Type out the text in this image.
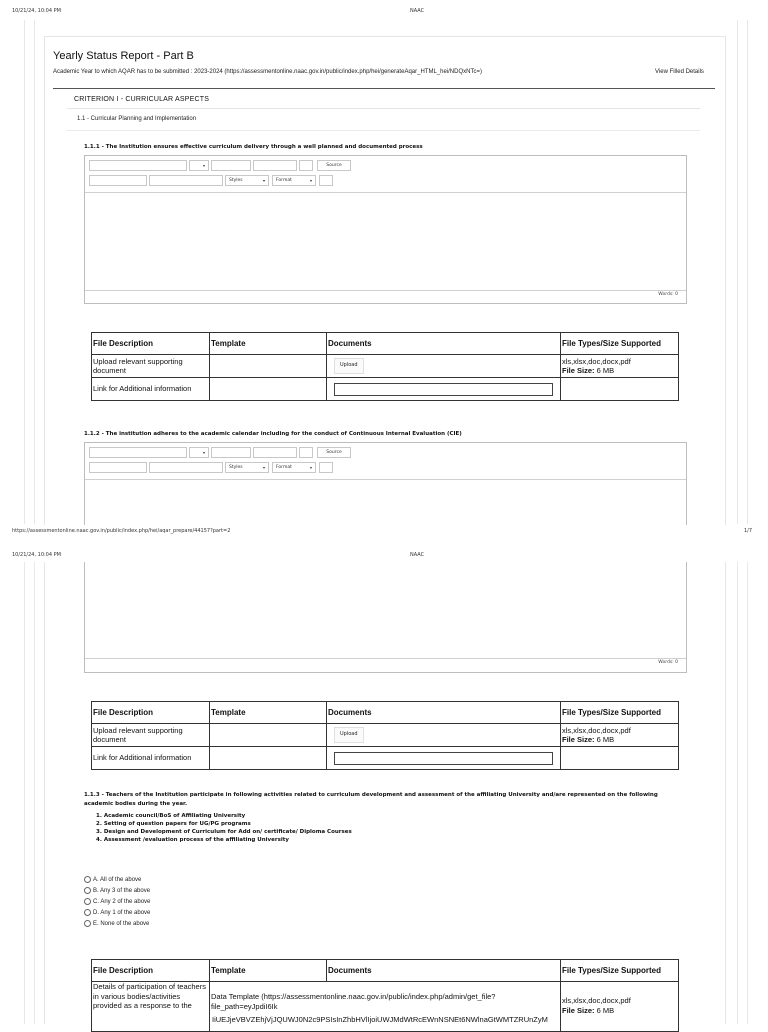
10/21/24, 10:04 PM	NAAC
Yearly Status Report - Part B
Academic Year to which AQAR has to be submitted : 2023-2024 (https://assessmentonline.naac.gov.in/public/index.php/hei/generateAqar_HTML_hei/NDQxNTc=)	View Filled Details
CRITERION I - CURRICULAR ASPECTS
1.1 - Curricular Planning and Implementation
1.1.1 - The Institution ensures effective curriculum delivery through a well planned and documented process
▾	Source
Styles	▾	Format	▾
Words: 0
File Description	Template	Documents	File Types/Size Supported
Upload relevant supporting document		Upload	xls,xlsx,doc,docx,pdf
File Size: 6 MB
Link for Additional information		

1.1.2 - The institution adheres to the academic calendar including for the conduct of Continuous Internal Evaluation (CIE)
▾	Source
Styles	▾	Format	▾
https://assessmentonline.naac.gov.in/public/index.php/hei/aqar_prepare/44157?part=2	1/7
10/21/24, 10:04 PM	NAAC
Words: 0
File Description	Template	Documents	File Types/Size Supported
Upload relevant supporting document		Upload	xls,xlsx,doc,docx,pdf
File Size: 6 MB
Link for Additional information		

1.1.3 - Teachers of the Institution participate in following activities related to curriculum development and assessment of the affiliating University and/are represented on the following academic bodies during the year.
1. Academic council/BoS of Affiliating University
2. Setting of question papers for UG/PG programs
3. Design and Development of Curriculum for Add on/ certificate/ Diploma Courses
4. Assessment /evaluation process of the affiliating University
A. All of the above
B. Any 3 of the above
C. Any 2 of the above
D. Any 1 of the above
E. None of the above
File Description	Template	Documents	File Types/Size Supported
Details of participation of teachers in various bodies/activities provided as a response to the	Data Template (https://assessmentonline.naac.gov.in/public/index.php/admin/get_file?file_path=eyJpdiI6Ik		xls,xlsx,doc,docx,pdf
File Size: 6 MB
IiUEJjeVBVZEhjVjJQUWJ0N2c9PSIsInZhbHVlIjoiUWJMdWtRcEWnNSNEt6NWlnaGtWMTZRUnZyM
